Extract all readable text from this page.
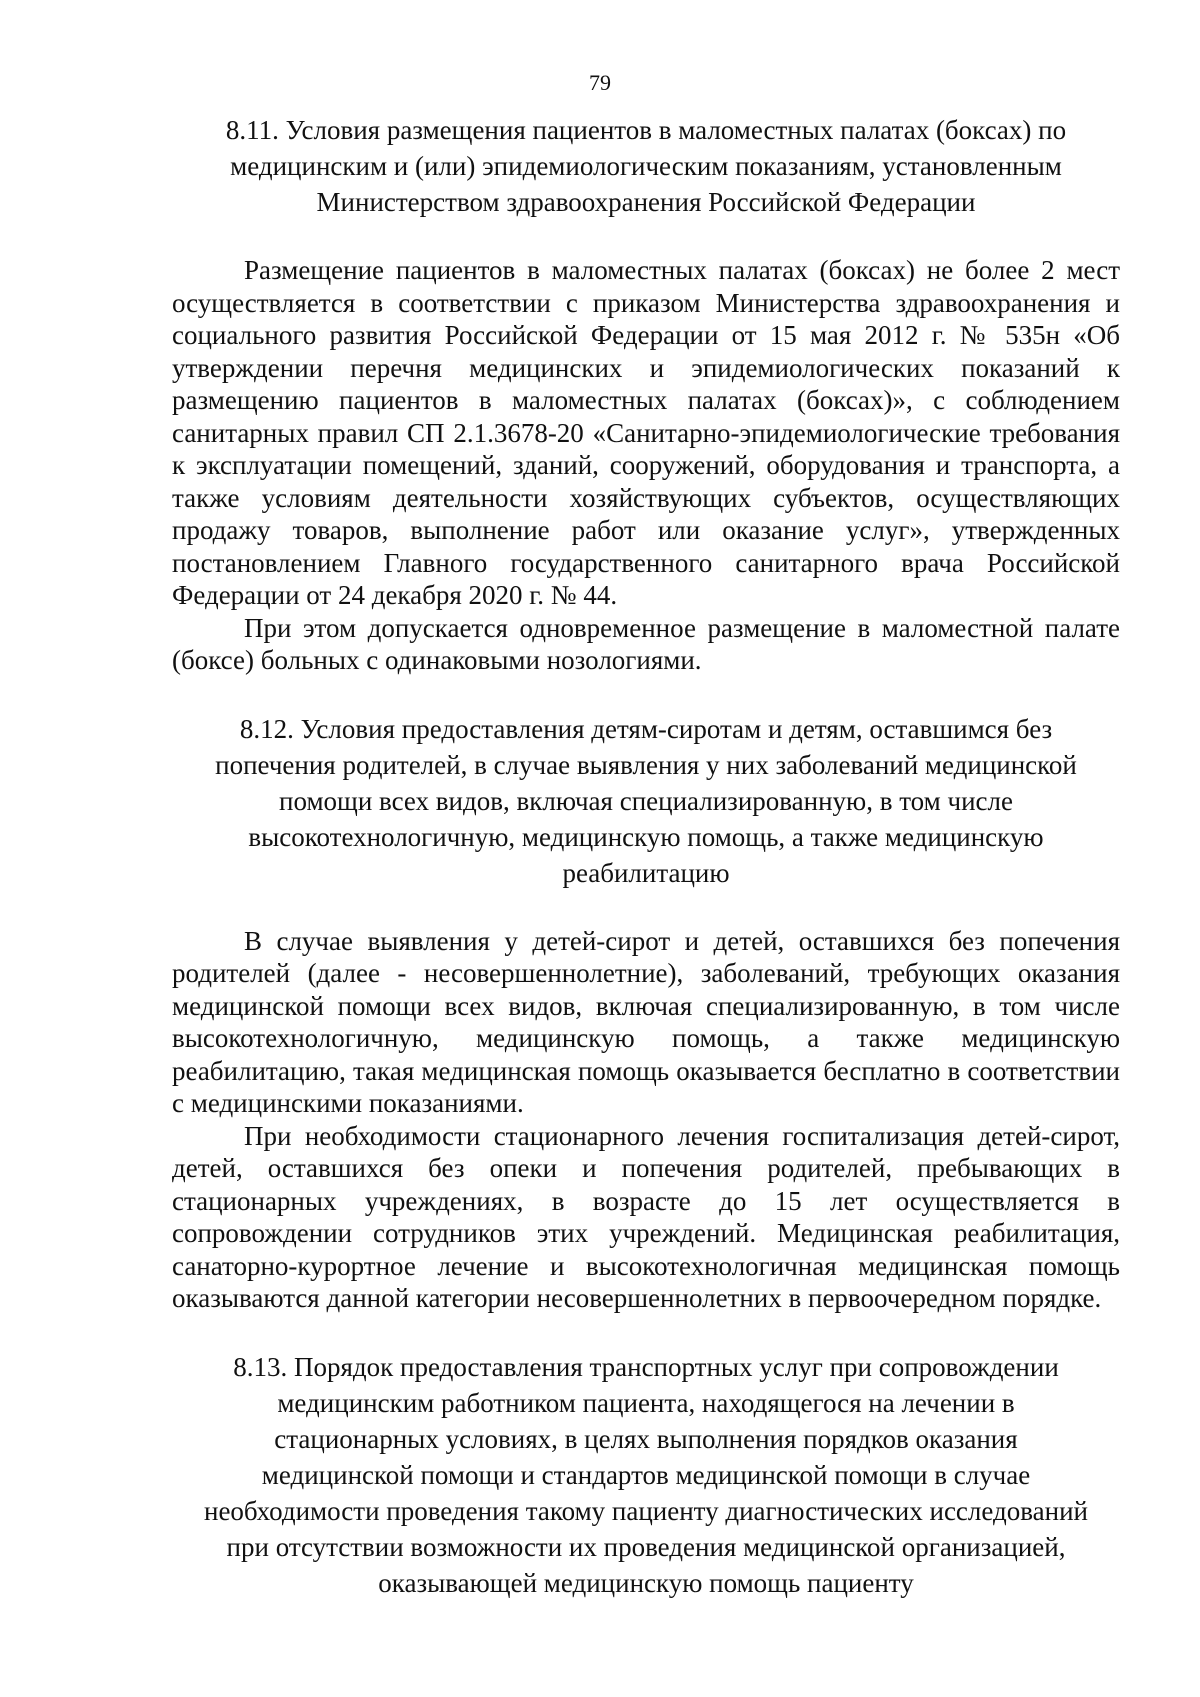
79
8.11. Условия размещения пациентов в маломестных палатах (боксах) по медицинским и (или) эпидемиологическим показаниям, установленным Министерством здравоохранения Российской Федерации

Размещение пациентов в маломестных палатах (боксах) не более 2 мест осуществляется в соответствии с приказом Министерства здравоохранения и социального развития Российской Федерации от 15 мая 2012 г. № 535н «Об утверждении перечня медицинских и эпидемиологических показаний к размещению пациентов в маломестных палатах (боксах)», с соблюдением санитарных правил СП 2.1.3678-20 «Санитарно-эпидемиологические требования к эксплуатации помещений, зданий, сооружений, оборудования и транспорта, а также условиям деятельности хозяйствующих субъектов, осуществляющих продажу товаров, выполнение работ или оказание услуг», утвержденных постановлением Главного государственного санитарного врача Российской Федерации от 24 декабря 2020 г. № 44.

При этом допускается одновременное размещение в маломестной палате (боксе) больных с одинаковыми нозологиями.

8.12. Условия предоставления детям-сиротам и детям, оставшимся без попечения родителей, в случае выявления у них заболеваний медицинской помощи всех видов, включая специализированную, в том числе высокотехнологичную, медицинскую помощь, а также медицинскую реабилитацию

В случае выявления у детей-сирот и детей, оставшихся без попечения родителей (далее - несовершеннолетние), заболеваний, требующих оказания медицинской помощи всех видов, включая специализированную, в том числе высокотехнологичную, медицинскую помощь, а также медицинскую реабилитацию, такая медицинская помощь оказывается бесплатно в соответствии с медицинскими показаниями.

При необходимости стационарного лечения госпитализация детей-сирот, детей, оставшихся без опеки и попечения родителей, пребывающих в стационарных учреждениях, в возрасте до 15 лет осуществляется в сопровождении сотрудников этих учреждений. Медицинская реабилитация, санаторно-курортное лечение и высокотехнологичная медицинская помощь оказываются данной категории несовершеннолетних в первоочередном порядке.

8.13. Порядок предоставления транспортных услуг при сопровождении медицинским работником пациента, находящегося на лечении в стационарных условиях, в целях выполнения порядков оказания медицинской помощи и стандартов медицинской помощи в случае необходимости проведения такому пациенту диагностических исследований при отсутствии возможности их проведения медицинской организацией, оказывающей медицинскую помощь пациенту
